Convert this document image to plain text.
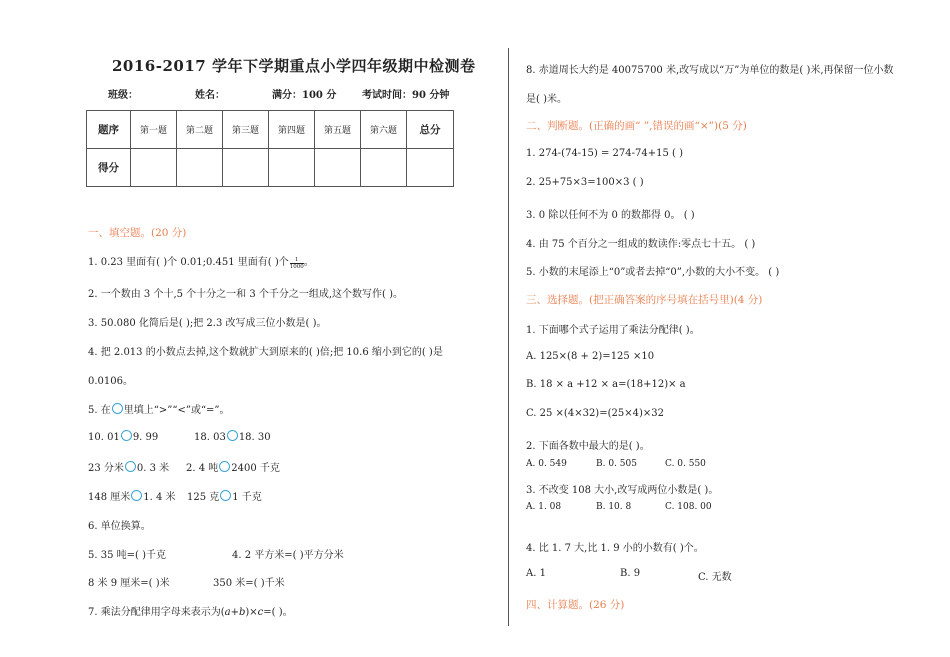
2016-2017 学年下学期重点小学四年级期中检测卷
班级：	姓名：	满分：100 分	考试时间：90 分钟
题序	第一题	第二题	第三题	第四题	第五题	第六题	总分
得分							
一、填空题。(20 分)
1. 0.23 里面有( )个 0.01;0.451 里面有( )个 $\frac{1}{1000}$ 。
2. 一个数由 3 个十,5 个十分之一和 3 个千分之一组成,这个数写作( )。
3. 50.080 化简后是( );把 2.3 改写成三位小数是( )。
4. 把 2.013 的小数点去掉,这个数就扩大到原来的( )倍;把 10.6 缩小到它的( )是
0.0106。
5. 在 里填上“>”“<”或“=”。
10. 01 9. 99	18. 03 18. 30
23 分米 0. 3 米 2. 4 吨 2400 千克
148 厘米 1. 4 米 125 克 1 千克
6. 单位换算。
5. 35 吨=( )千克	4. 2 平方米=( )平方分米
8 米 9 厘米=( )米	350 米=( )千米
7. 乘法分配律用字母来表示为(a+b)×c=( )。
8. 赤道周长大约是 40075700 米,改写成以“万”为单位的数是( )米,再保留一位小数
是( )米。
二、判断题。(正确的画“ ”,错误的画“×”)(5 分)
1. 274-(74-15) = 274-74+15 ( )
2. 25+75×3=100×3 ( )
3. 0 除以任何不为 0 的数都得 0。 ( )
4. 由 75 个百分之一组成的数读作:零点七十五。 ( )
5. 小数的末尾添上“0”或者去掉“0”,小数的大小不变。 ( )
三、选择题。(把正确答案的序号填在括号里)(4 分)
1. 下面哪个式子运用了乘法分配律( )。
A. 125×(8 + 2)=125 ×10
B. 18 × a +12 × a=(18+12)× a
C. 25 ×(4×32)=(25×4)×32
2. 下面各数中最大的是( )。
A. 0. 549	B. 0. 505	C. 0. 550
3. 不改变 108 大小,改写成两位小数是( )。
A. 1. 08	B. 10. 8	C. 108. 00
4. 比 1. 7 大,比 1. 9 小的小数有( )个。
A. 1	B. 9	C. 无数
四、计算题。(26 分)
